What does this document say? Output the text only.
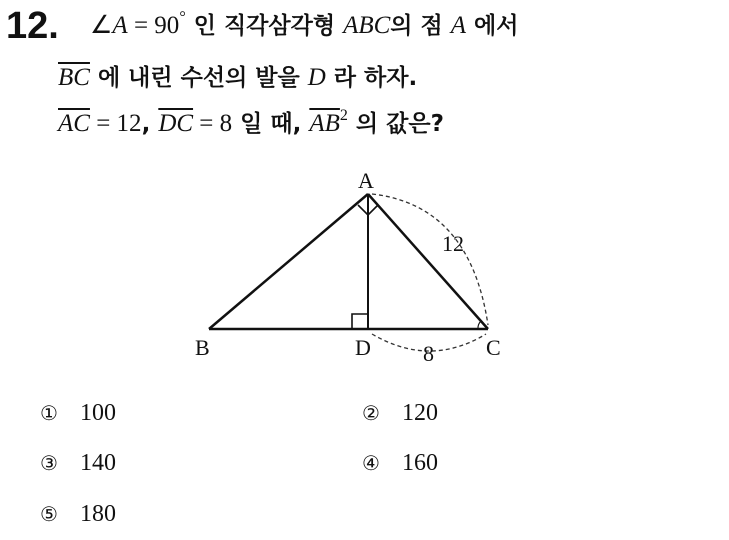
12. ∠A = 90° 인 직각삼각형 ABC의 점 A 에서
$\overline{BC}$ 에 내린 수선의 발을 D 라 하자.
$\overline{AC} = 12$, $\overline{DC} = 8$ 일 때, $\overline{AB}^2$ 의 값은?
A
B	C
D
12
8
① 100	② 120
③ 140	④ 160
⑤ 180
